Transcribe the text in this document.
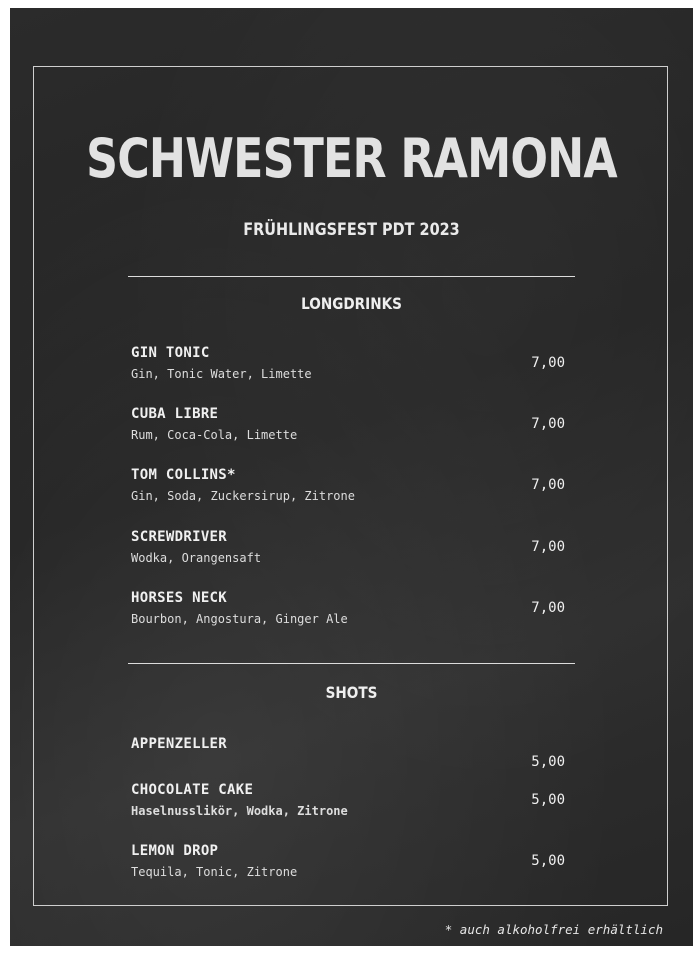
SCHWESTER RAMONA

FRÜHLINGSFEST PDT 2023

LONGDRINKS

GIN TONIC

Gin, Tonic Water, Limette

7,00

CUBA LIBRE

Rum, Coca-Cola, Limette

7,00

TOM COLLINS*

Gin, Soda, Zuckersirup, Zitrone

7,00

SCREWDRIVER

Wodka, Orangensaft

7,00

HORSES NECK

Bourbon, Angostura, Ginger Ale

7,00

SHOTS

APPENZELLER

5,00

CHOCOLATE CAKE

Haselnusslikör, Wodka, Zitrone

5,00

LEMON DROP

Tequila, Tonic, Zitrone

5,00

* auch alkoholfrei erhältlich
